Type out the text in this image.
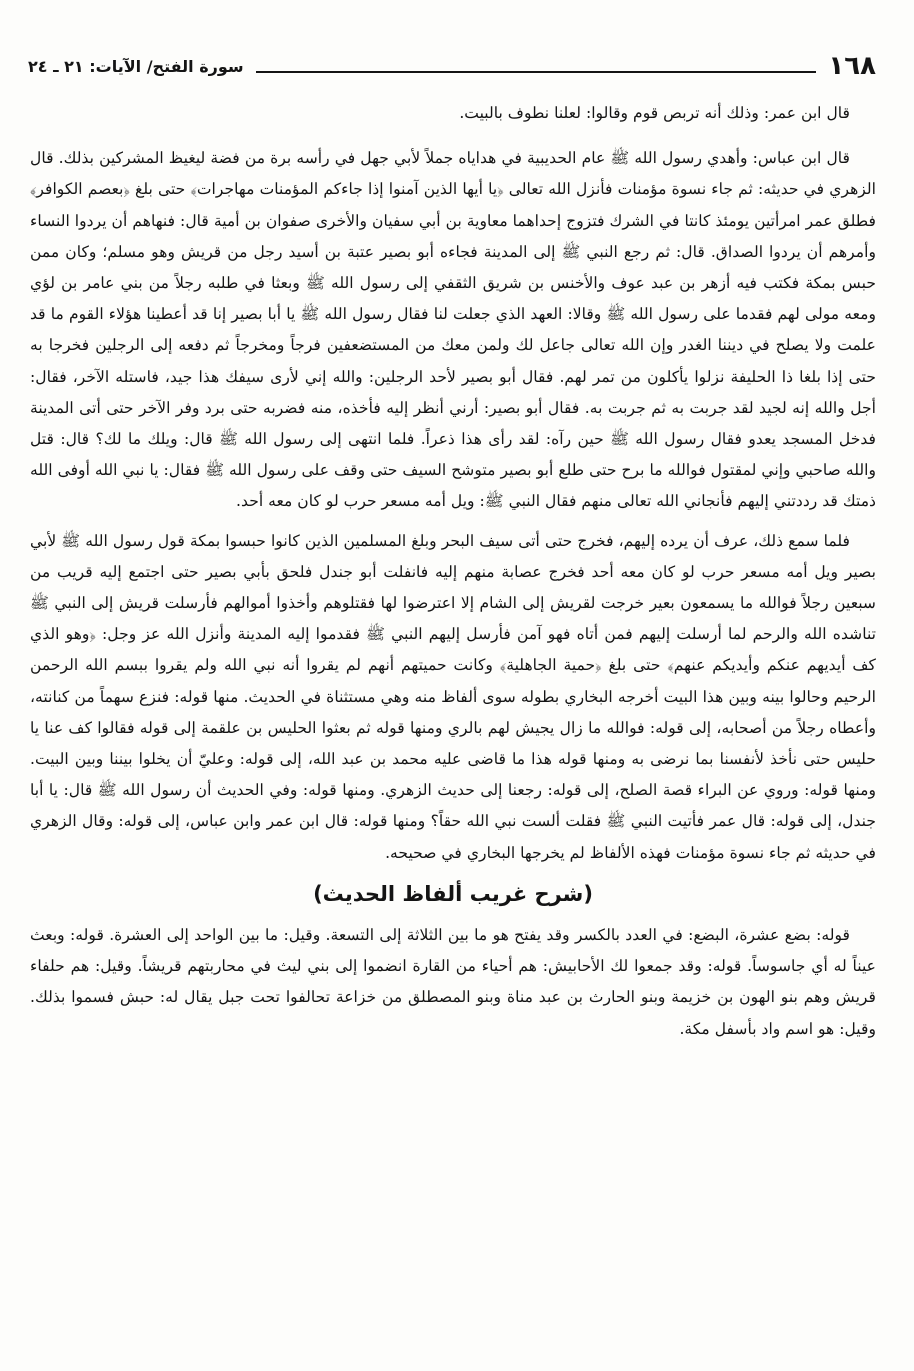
١٦٨
سورة الفتح/ الآيات: ٢١ ـ ٢٤

قال ابن عمر: وذلك أنه تربص قوم وقالوا: لعلنا نطوف بالبيت.

قال ابن عباس: وأهدي رسول الله ﷺ عام الحديبية في هداياه جملاً لأبي جهل في رأسه برة من فضة ليغيظ المشركين بذلك. قال الزهري في حديثه: ثم جاء نسوة مؤمنات فأنزل الله تعالى ﴿يا أيها الذين آمنوا إذا جاءكم المؤمنات مهاجرات﴾ حتى بلغ ﴿بعصم الكوافر﴾ فطلق عمر امرأتين يومئذ كانتا في الشرك فتزوج إحداهما معاوية بن أبي سفيان والأخرى صفوان بن أمية قال: فنهاهم أن يردوا النساء وأمرهم أن يردوا الصداق. قال: ثم رجع النبي ﷺ إلى المدينة فجاءه أبو بصير عتبة بن أسيد رجل من قريش وهو مسلم؛ وكان ممن حبس بمكة فكتب فيه أزهر بن عبد عوف والأخنس بن شريق الثقفي إلى رسول الله ﷺ وبعثا في طلبه رجلاً من بني عامر بن لؤي ومعه مولى لهم فقدما على رسول الله ﷺ وقالا: العهد الذي جعلت لنا فقال رسول الله ﷺ يا أبا بصير إنا قد أعطينا هؤلاء القوم ما قد علمت ولا يصلح في ديننا الغدر وإن الله تعالى جاعل لك ولمن معك من المستضعفين فرجاً ومخرجاً ثم دفعه إلى الرجلين فخرجا به حتى إذا بلغا ذا الحليفة نزلوا يأكلون من تمر لهم. فقال أبو بصير لأحد الرجلين: والله إني لأرى سيفك هذا جيد، فاستله الآخر، فقال: أجل والله إنه لجيد لقد جربت به ثم جربت به. فقال أبو بصير: أرني أنظر إليه فأخذه، منه فضربه حتى برد وفر الآخر حتى أتى المدينة فدخل المسجد يعدو فقال رسول الله ﷺ حين رآه: لقد رأى هذا ذعراً. فلما انتهى إلى رسول الله ﷺ قال: ويلك ما لك؟ قال: قتل والله صاحبي وإني لمقتول فوالله ما برح حتى طلع أبو بصير متوشح السيف حتى وقف على رسول الله ﷺ فقال: يا نبي الله أوفى الله ذمتك قد رددتني إليهم فأنجاني الله تعالى منهم فقال النبي ﷺ: ويل أمه مسعر حرب لو كان معه أحد.

فلما سمع ذلك، عرف أن يرده إليهم، فخرج حتى أتى سيف البحر وبلغ المسلمين الذين كانوا حبسوا بمكة قول رسول الله ﷺ لأبي بصير ويل أمه مسعر حرب لو كان معه أحد فخرج عصابة منهم إليه فانفلت أبو جندل فلحق بأبي بصير حتى اجتمع إليه قريب من سبعين رجلاً فوالله ما يسمعون بعير خرجت لقريش إلى الشام إلا اعترضوا لها فقتلوهم وأخذوا أموالهم فأرسلت قريش إلى النبي ﷺ تناشده الله والرحم لما أرسلت إليهم فمن أتاه فهو آمن فأرسل إليهم النبي ﷺ فقدموا إليه المدينة وأنزل الله عز وجل: ﴿وهو الذي كف أيديهم عنكم وأيديكم عنهم﴾ حتى بلغ ﴿حمية الجاهلية﴾ وكانت حميتهم أنهم لم يقروا أنه نبي الله ولم يقروا ببسم الله الرحمن الرحيم وحالوا بينه وبين هذا البيت أخرجه البخاري بطوله سوى ألفاظ منه وهي مستثناة في الحديث. منها قوله: فنزع سهماً من كنانته، وأعطاه رجلاً من أصحابه، إلى قوله: فوالله ما زال يجيش لهم بالري ومنها قوله ثم بعثوا الحليس بن علقمة إلى قوله فقالوا كف عنا يا حليس حتى نأخذ لأنفسنا بما نرضى به ومنها قوله هذا ما قاضى عليه محمد بن عبد الله، إلى قوله: وعليّ أن يخلوا بيننا وبين البيت. ومنها قوله: وروي عن البراء قصة الصلح، إلى قوله: رجعنا إلى حديث الزهري. ومنها قوله: وفي الحديث أن رسول الله ﷺ قال: يا أبا جندل، إلى قوله: قال عمر فأتيت النبي ﷺ فقلت ألست نبي الله حقاً؟ ومنها قوله: قال ابن عمر وابن عباس، إلى قوله: وقال الزهري في حديثه ثم جاء نسوة مؤمنات فهذه الألفاظ لم يخرجها البخاري في صحيحه.

(شرح غريب ألفاظ الحديث)

قوله: بضع عشرة، البضع: في العدد بالكسر وقد يفتح هو ما بين الثلاثة إلى التسعة. وقيل: ما بين الواحد إلى العشرة. قوله: وبعث عيناً له أي جاسوساً. قوله: وقد جمعوا لك الأحابيش: هم أحياء من القارة انضموا إلى بني ليث في محاربتهم قريشاً. وقيل: هم حلفاء قريش وهم بنو الهون بن خزيمة وبنو الحارث بن عبد مناة وبنو المصطلق من خزاعة تحالفوا تحت جبل يقال له: حبش فسموا بذلك. وقيل: هو اسم واد بأسفل مكة.
